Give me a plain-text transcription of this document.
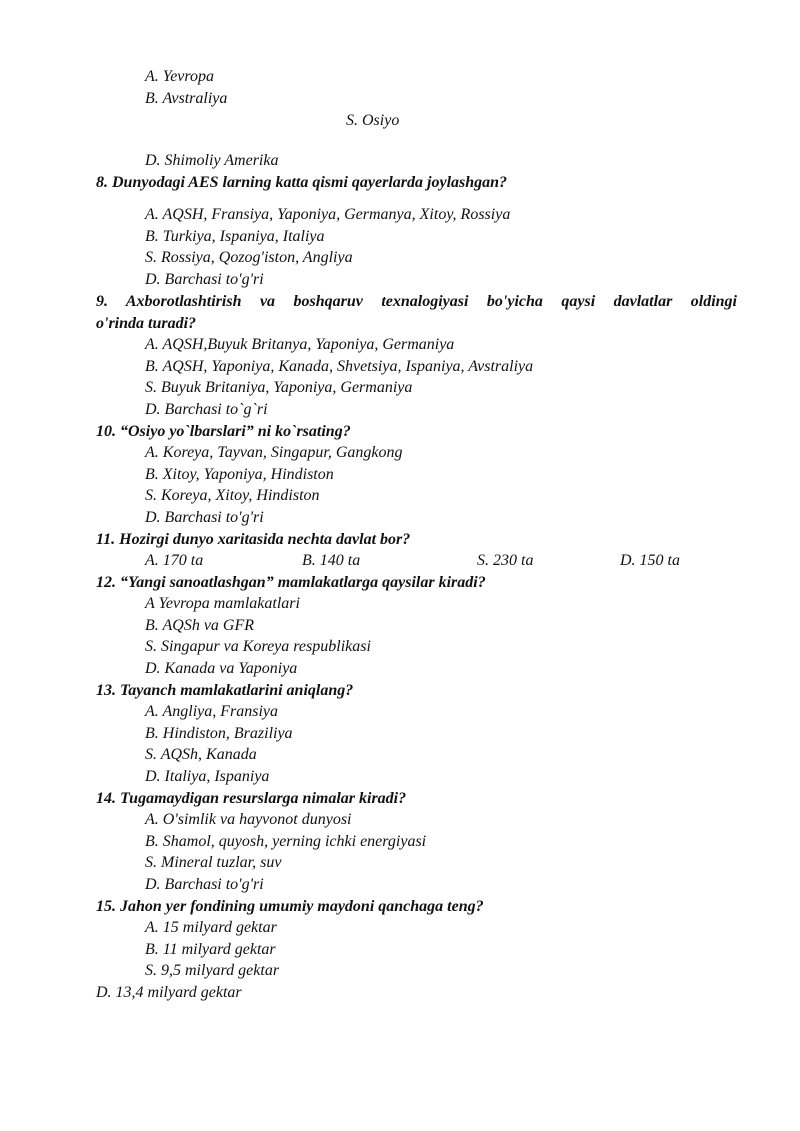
A. Yevropa
B. Avstraliya
S. Osiyo
D. Shimoliy Amerika
8. Dunyodagi AES larning katta qismi qayerlarda joylashgan?
A. AQSH, Fransiya, Yaponiya, Germanya, Xitoy, Rossiya
B. Turkiya, Ispaniya, Italiya
S. Rossiya, Qozog'iston, Angliya
D. Barchasi to'g'ri
9. Axborotlashtirish va boshqaruv texnalogiyasi bo'yicha qaysi davlatlar oldingi
o'rinda turadi?
A. AQSH,Buyuk Britanya, Yaponiya, Germaniya
B. AQSH, Yaponiya, Kanada, Shvetsiya, Ispaniya, Avstraliya
S. Buyuk Britaniya, Yaponiya, Germaniya
D. Barchasi to`g`ri
10. “Osiyo yo`lbarslari” ni ko`rsating?
A. Koreya, Tayvan, Singapur, Gangkong
B. Xitoy, Yaponiya, Hindiston
S. Koreya, Xitoy, Hindiston
D. Barchasi to'g'ri
11. Hozirgi dunyo xaritasida nechta davlat bor?
A. 170 ta	B. 140 ta	S. 230 ta	D. 150 ta
12. “Yangi sanoatlashgan” mamlakatlarga qaysilar kiradi?
A Yevropa mamlakatlari
B. AQSh va GFR
S. Singapur va Koreya respublikasi
D. Kanada va Yaponiya
13. Tayanch mamlakatlarini aniqlang?
A. Angliya, Fransiya
B. Hindiston, Braziliya
S. AQSh, Kanada
D. Italiya, Ispaniya
14. Tugamaydigan resurslarga nimalar kiradi?
A. O'simlik va hayvonot dunyosi
B. Shamol, quyosh, yerning ichki energiyasi
S. Mineral tuzlar, suv
D. Barchasi to'g'ri
15. Jahon yer fondining umumiy maydoni qanchaga teng?
A. 15 milyard gektar
B. 11 milyard gektar
S. 9,5 milyard gektar
D. 13,4 milyard gektar
